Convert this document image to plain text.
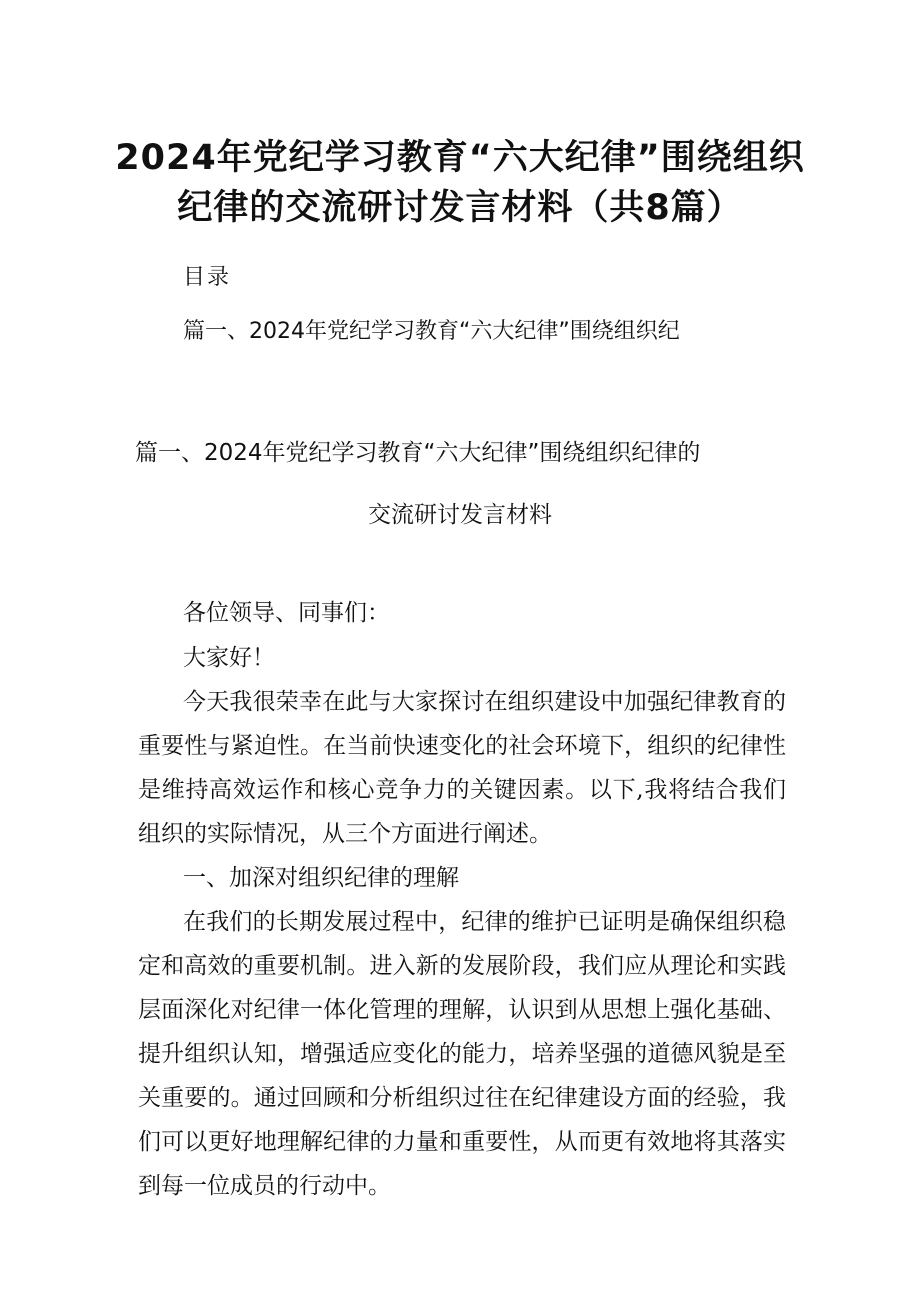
2024年党纪学习教育“六大纪律”围绕组织
纪律的交流研讨发言材料（共8篇）
目录
篇一、2024年党纪学习教育“六大纪律”围绕组织纪
篇一、2024年党纪学习教育“六大纪律”围绕组织纪律的
交流研讨发言材料
各位领导、同事们：
大家好！
今天我很荣幸在此与大家探讨在组织建设中加强纪律教育的
重要性与紧迫性。在当前快速变化的社会环境下，组织的纪律性
是维持高效运作和核心竞争力的关键因素。以下,我将结合我们
组织的实际情况，从三个方面进行阐述。
一、加深对组织纪律的理解
在我们的长期发展过程中，纪律的维护已证明是确保组织稳
定和高效的重要机制。进入新的发展阶段，我们应从理论和实践
层面深化对纪律一体化管理的理解，认识到从思想上强化基础、
提升组织认知，增强适应变化的能力，培养坚强的道德风貌是至
关重要的。通过回顾和分析组织过往在纪律建设方面的经验，我
们可以更好地理解纪律的力量和重要性，从而更有效地将其落实
到每一位成员的行动中。
